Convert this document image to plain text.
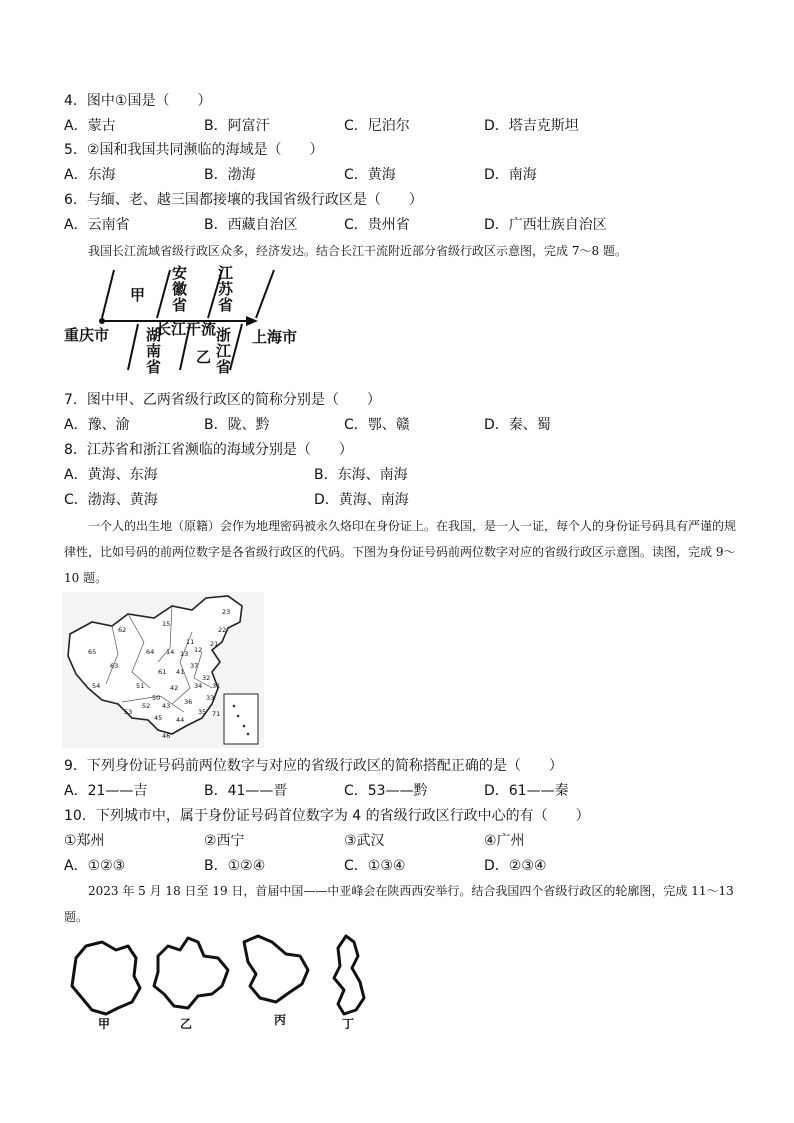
4．图中①国是（　　）
A．蒙古	B．阿富汗	C．尼泊尔	D．塔吉克斯坦
5．②国和我国共同濒临的海域是（　　）
A．东海	B．渤海	C．黄海	D．南海
6．与缅、老、越三国都接壤的我国省级行政区是（　　）
A．云南省	B．西藏自治区	C．贵州省	D．广西壮族自治区
我国长江流域省级行政区众多，经济发达。结合长江干流附近部分省级行政区示意图，完成 7～8 题。
重庆市	上海市
长江干流
甲
安徽省
江苏省
湖南省
乙
浙江省
7．图中甲、乙两省级行政区的简称分别是（　　）
A．豫、渝	B．陇、黔	C．鄂、赣	D．秦、蜀
8．江苏省和浙江省濒临的海域分别是（　　）
A．黄海、东海	B．东海、南海
C．渤海、黄海	D．黄海、南海
一个人的出生地（原籍）会作为地理密码被永久烙印在身份证上。在我国，是一人一证，每个人的身份证号码具有严谨的规律性，比如号码的前两位数字是各省级行政区的代码。下图为身份证号码前两位数字对应的省级行政区示意图。读图，完成 9～10 题。
65
62
63
54
15
23
22
21
11
12
13
14
37
64
61 41
32
51	42 34 31
50	33
52 43 36
35
53
45 44
46
71
9．下列身份证号码前两位数字与对应的省级行政区的简称搭配正确的是（　　）
A．21——吉	B．41——晋	C．53——黔	D．61——秦
10．下列城市中，属于身份证号码首位数字为 4 的省级行政区行政中心的有（　　）
①郑州	②西宁	③武汉	④广州
A．①②③	B．①②④	C．①③④	D．②③④
2023 年 5 月 18 日至 19 日，首届中国——中亚峰会在陕西西安举行。结合我国四个省级行政区的轮廓图，完成 11～13 题。
甲	乙	丙	丁
